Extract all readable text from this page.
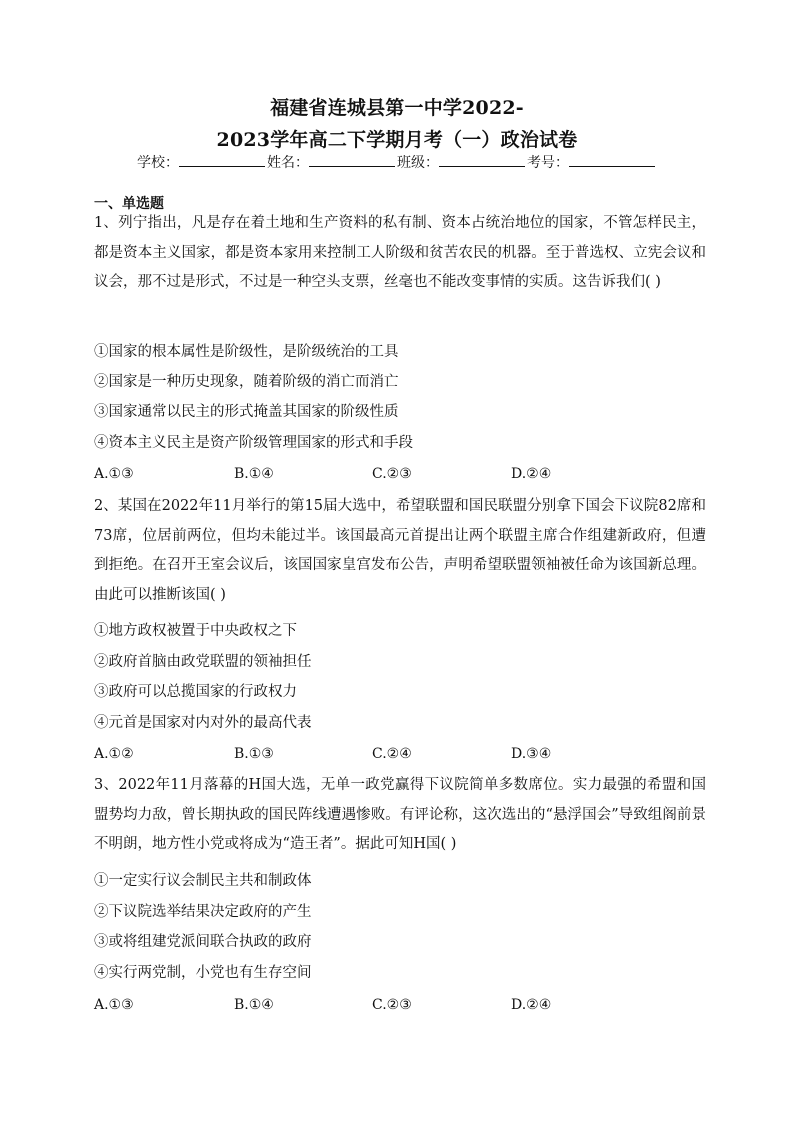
福建省连城县第一中学2022-
2023学年高二下学期月考（一）政治试卷
学校：	姓名：	班级：	考号：
一、单选题
1、列宁指出，凡是存在着土地和生产资料的私有制、资本占统治地位的国家，不管怎样民主，都是资本主义国家，都是资本家用来控制工人阶级和贫苦农民的机器。至于普选权、立宪会议和议会，那不过是形式，不过是一种空头支票，丝毫也不能改变事情的实质。这告诉我们( )
①国家的根本属性是阶级性，是阶级统治的工具
②国家是一种历史现象，随着阶级的消亡而消亡
③国家通常以民主的形式掩盖其国家的阶级性质
④资本主义民主是资产阶级管理国家的形式和手段
A.①③	B.①④	C.②③	D.②④
2、某国在2022年11月举行的第15届大选中，希望联盟和国民联盟分别拿下国会下议院82席和73席，位居前两位，但均未能过半。该国最高元首提出让两个联盟主席合作组建新政府，但遭到拒绝。在召开王室会议后，该国国家皇宫发布公告，声明希望联盟领袖被任命为该国新总理。由此可以推断该国( )
①地方政权被置于中央政权之下
②政府首脑由政党联盟的领袖担任
③政府可以总揽国家的行政权力
④元首是国家对内对外的最高代表
A.①②	B.①③	C.②④	D.③④
3、2022年11月落幕的H国大选，无单一政党赢得下议院简单多数席位。实力最强的希盟和国盟势均力敌，曾长期执政的国民阵线遭遇惨败。有评论称，这次选出的“悬浮国会”导致组阁前景不明朗，地方性小党或将成为“造王者”。据此可知H国( )
①一定实行议会制民主共和制政体
②下议院选举结果决定政府的产生
③或将组建党派间联合执政的政府
④实行两党制，小党也有生存空间
A.①③	B.①④	C.②③	D.②④
